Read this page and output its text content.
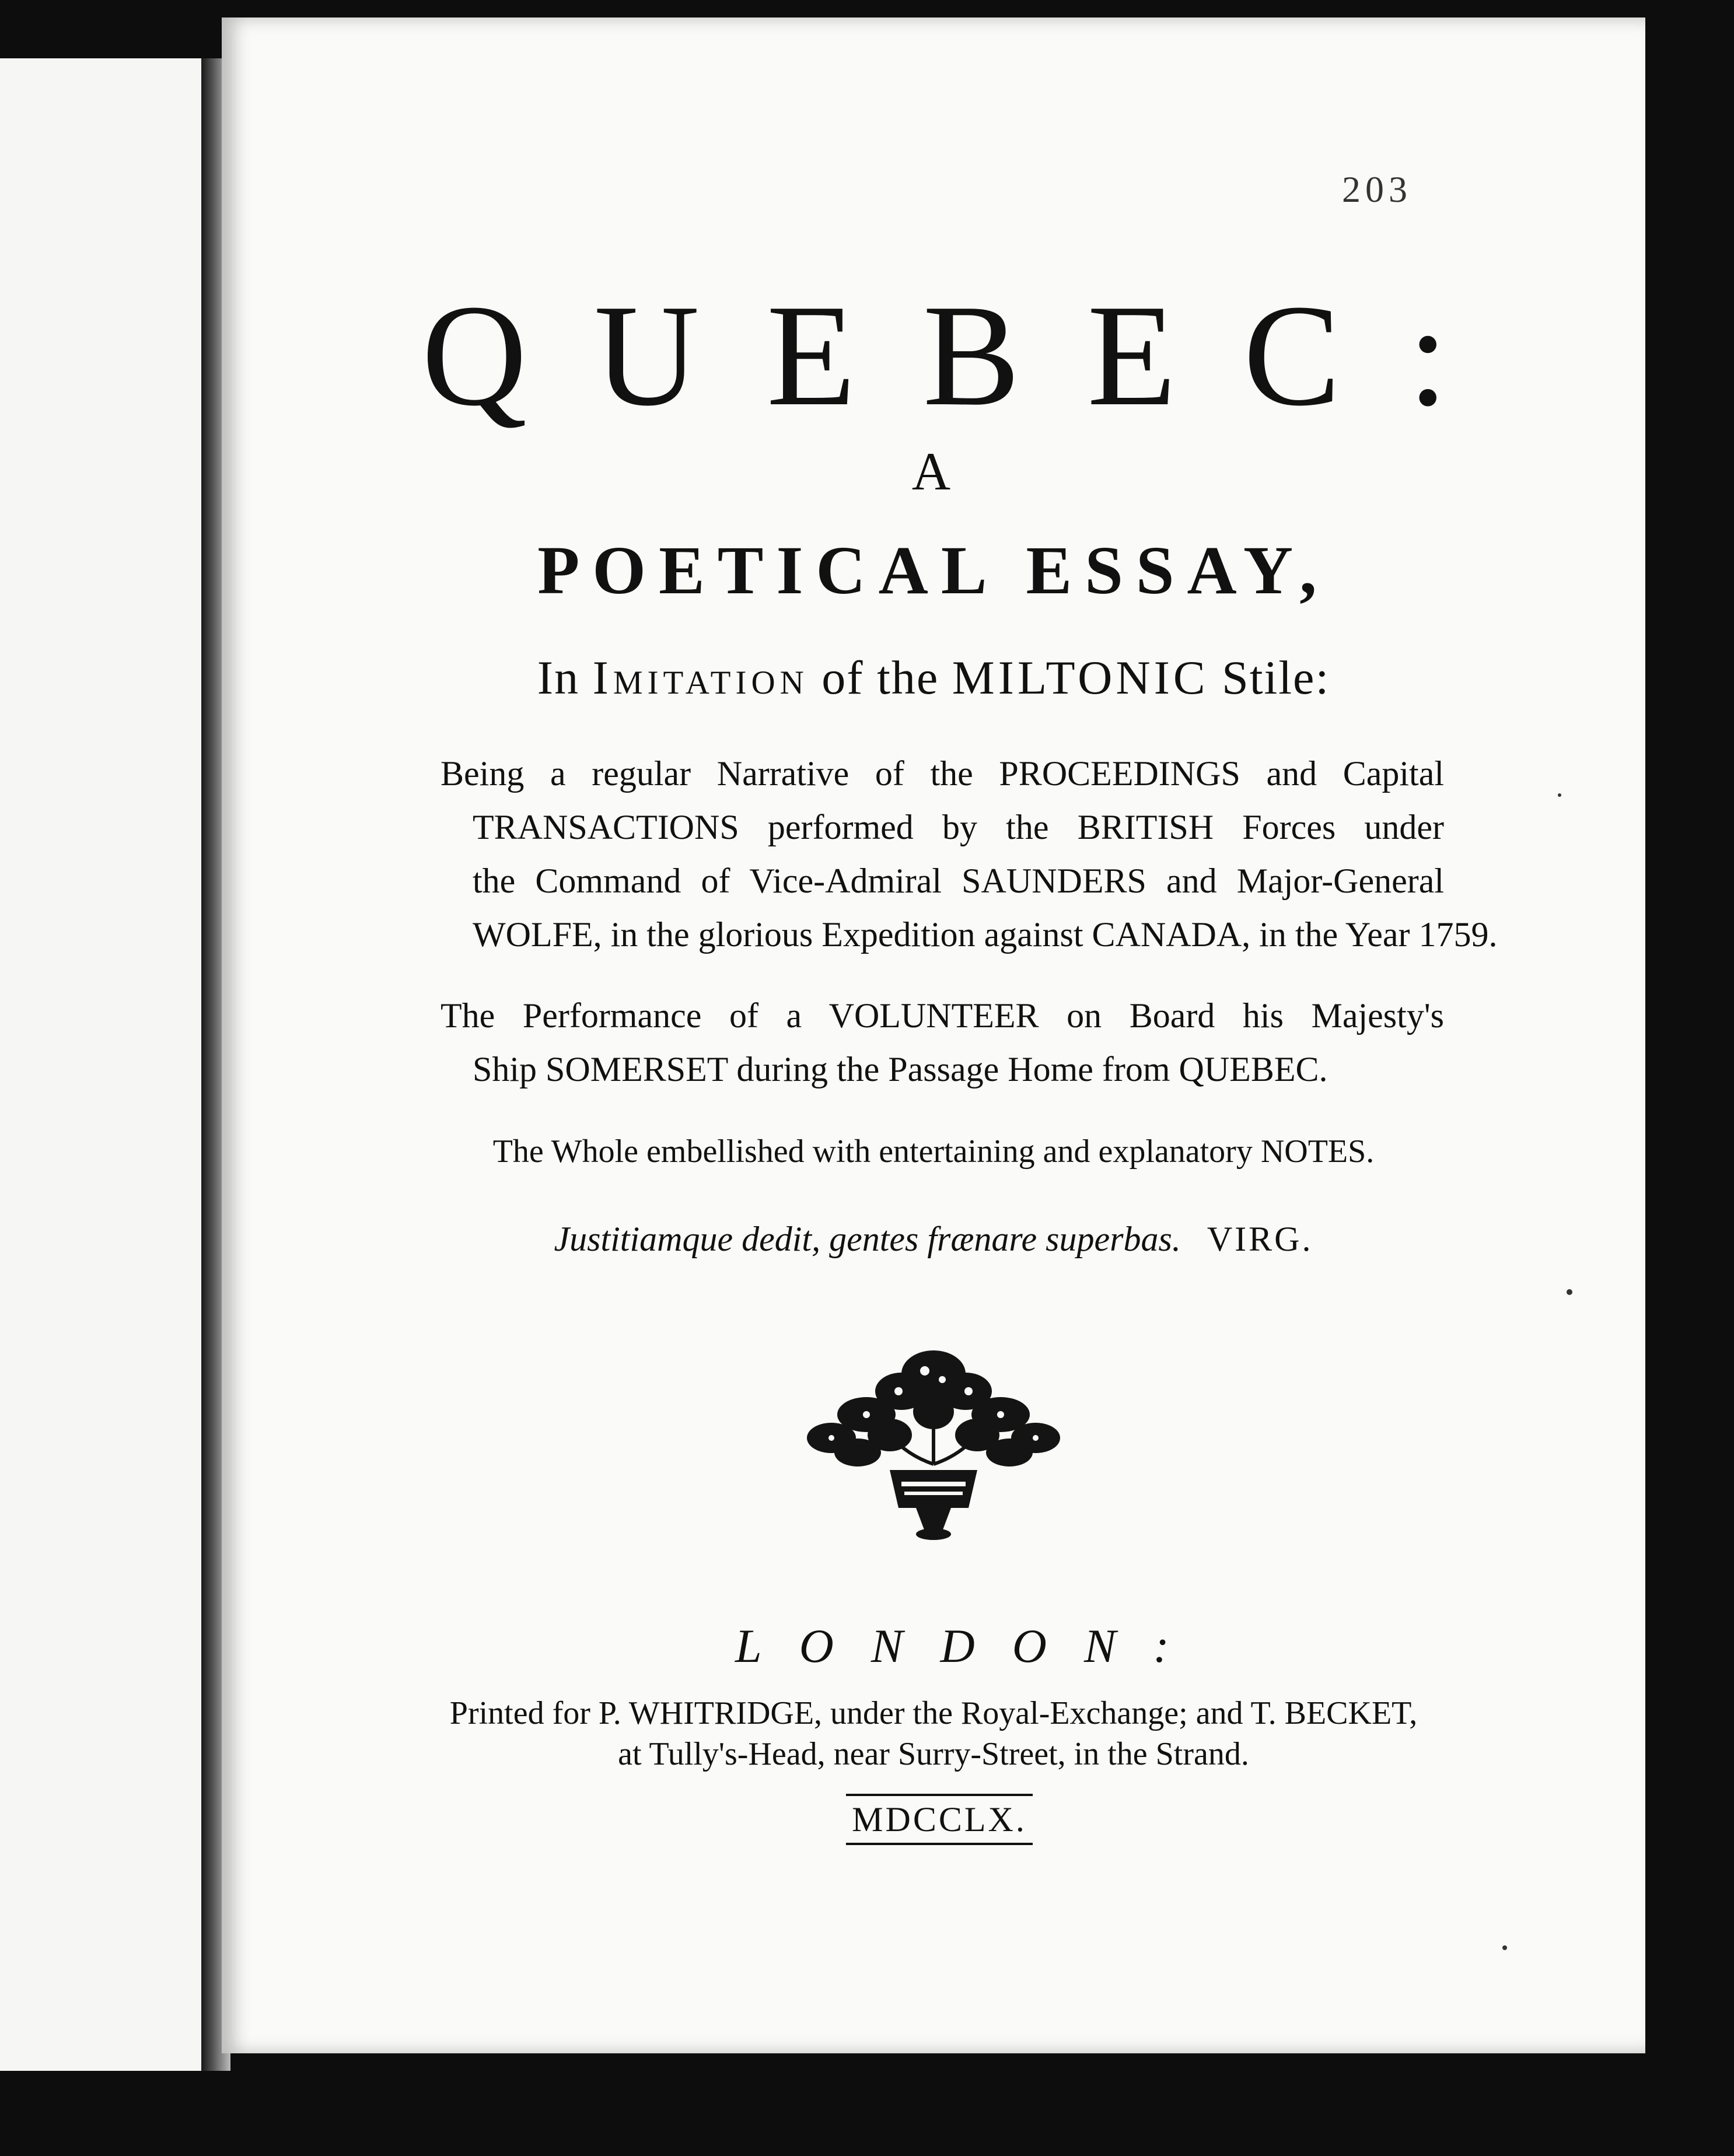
203
QUEBEC:
A
POETICAL ESSAY,
In Imitation of the MILTONIC Stile:
Being a regular Narrative of the PROCEEDINGS and Capital
TRANSACTIONS performed by the BRITISH Forces under
the Command of Vice-Admiral SAUNDERS and Major-General
WOLFE, in the glorious Expedition against CANADA, in the Year 1759.
The Performance of a VOLUNTEER on Board his Majesty's
Ship SOMERSET during the Passage Home from QUEBEC.
The Whole embellished with entertaining and explanatory NOTES.
Justitiamque dedit, gentes frænare superbas. VIRG.
LONDON:
Printed for P. WHITRIDGE, under the Royal-Exchange; and T. BECKET,
at Tully's-Head, near Surry-Street, in the Strand.
MDCCLX.
